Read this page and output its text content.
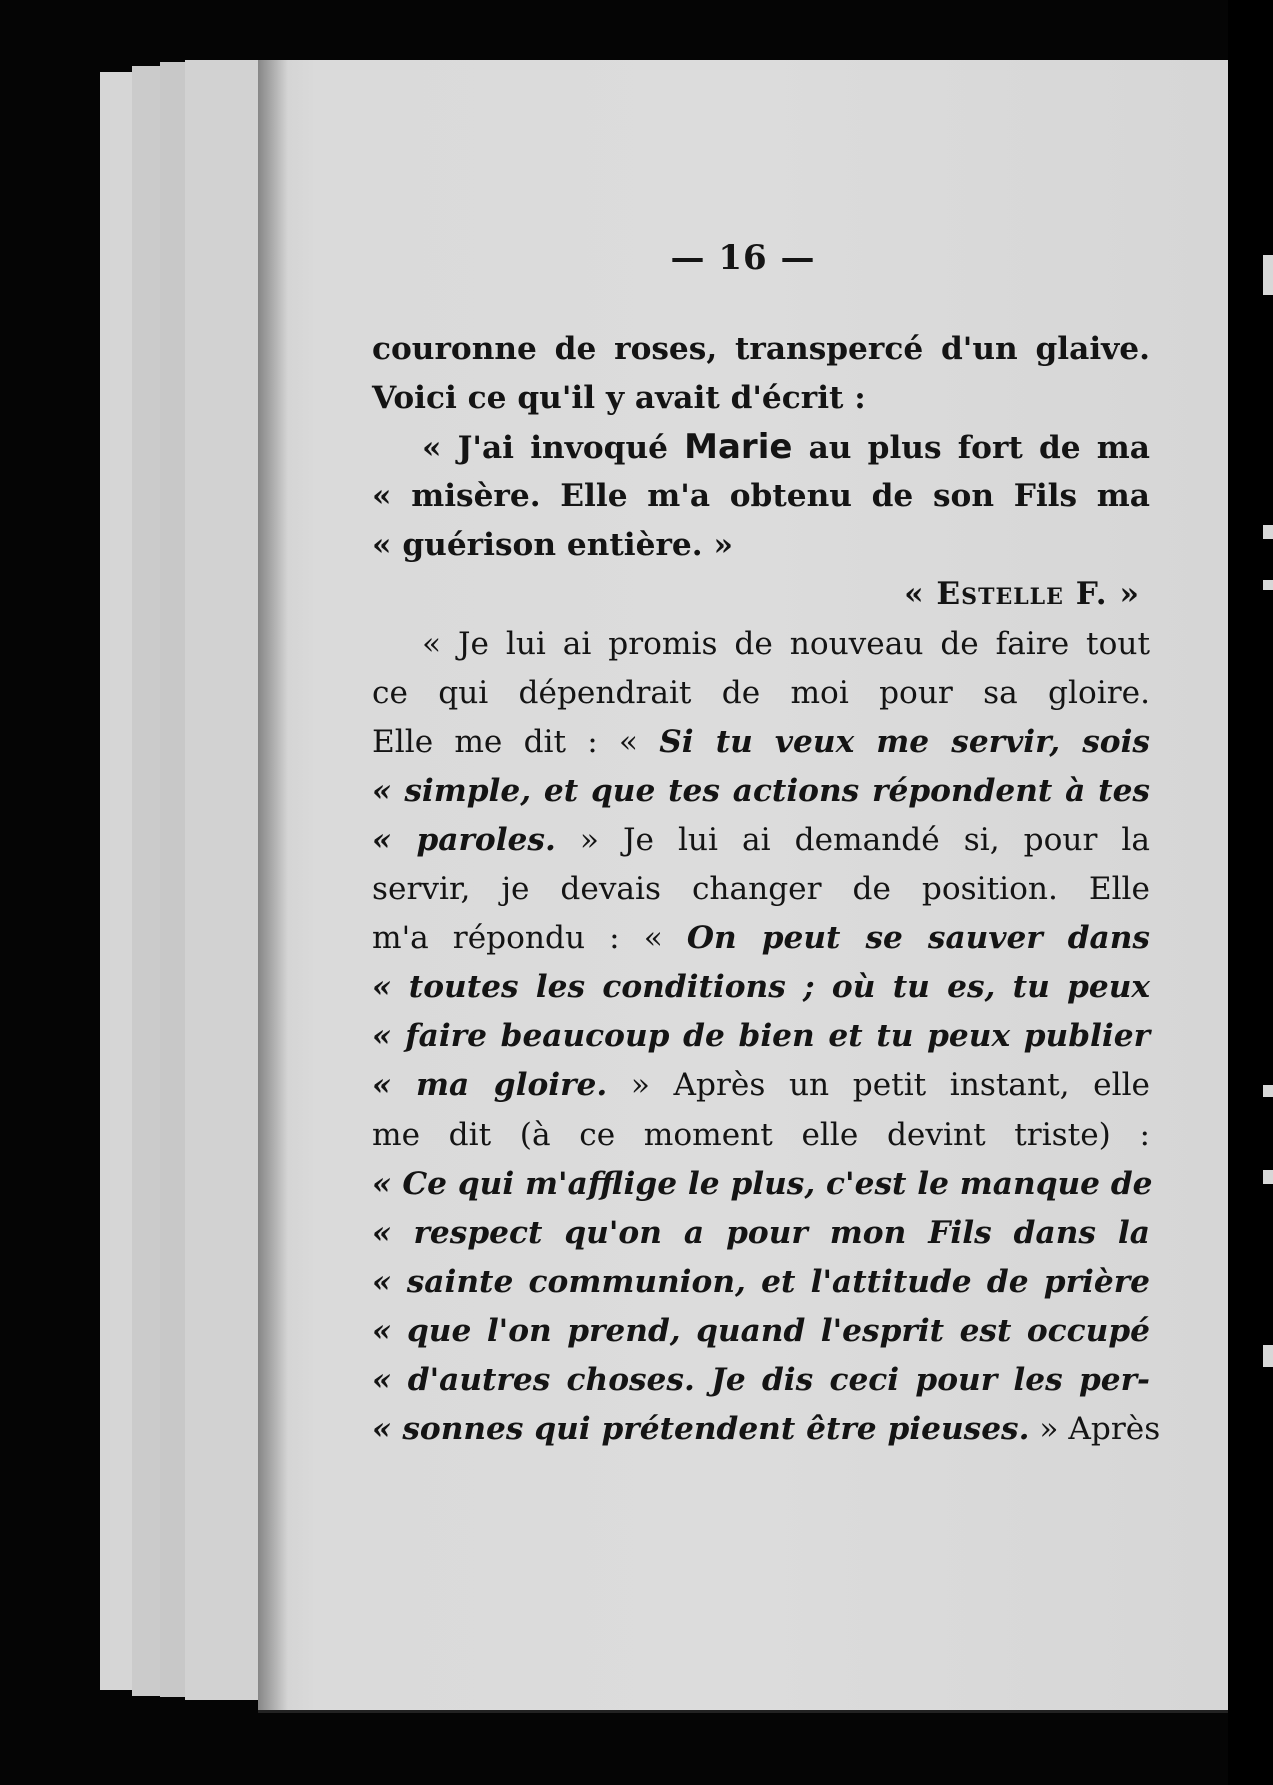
— 16 —
couronne de roses, transpercé d'un glaive.
Voici ce qu'il y avait d'écrit :
« J'ai invoqué Marie au plus fort de ma
« misère. Elle m'a obtenu de son Fils ma
« guérison entière. »
« Estelle F. »
« Je lui ai promis de nouveau de faire tout
ce qui dépendrait de moi pour sa gloire.
Elle me dit : « Si tu veux me servir, sois
« simple, et que tes actions répondent à tes
« paroles. » Je lui ai demandé si, pour la
servir, je devais changer de position. Elle
m'a répondu : « On peut se sauver dans
« toutes les conditions ; où tu es, tu peux
« faire beaucoup de bien et tu peux publier
« ma gloire. » Après un petit instant, elle
me dit (à ce moment elle devint triste) :
« Ce qui m'afflige le plus, c'est le manque de
« respect qu'on a pour mon Fils dans la
« sainte communion, et l'attitude de prière
« que l'on prend, quand l'esprit est occupé
« d'autres choses. Je dis ceci pour les per-
« sonnes qui prétendent être pieuses. » Après
